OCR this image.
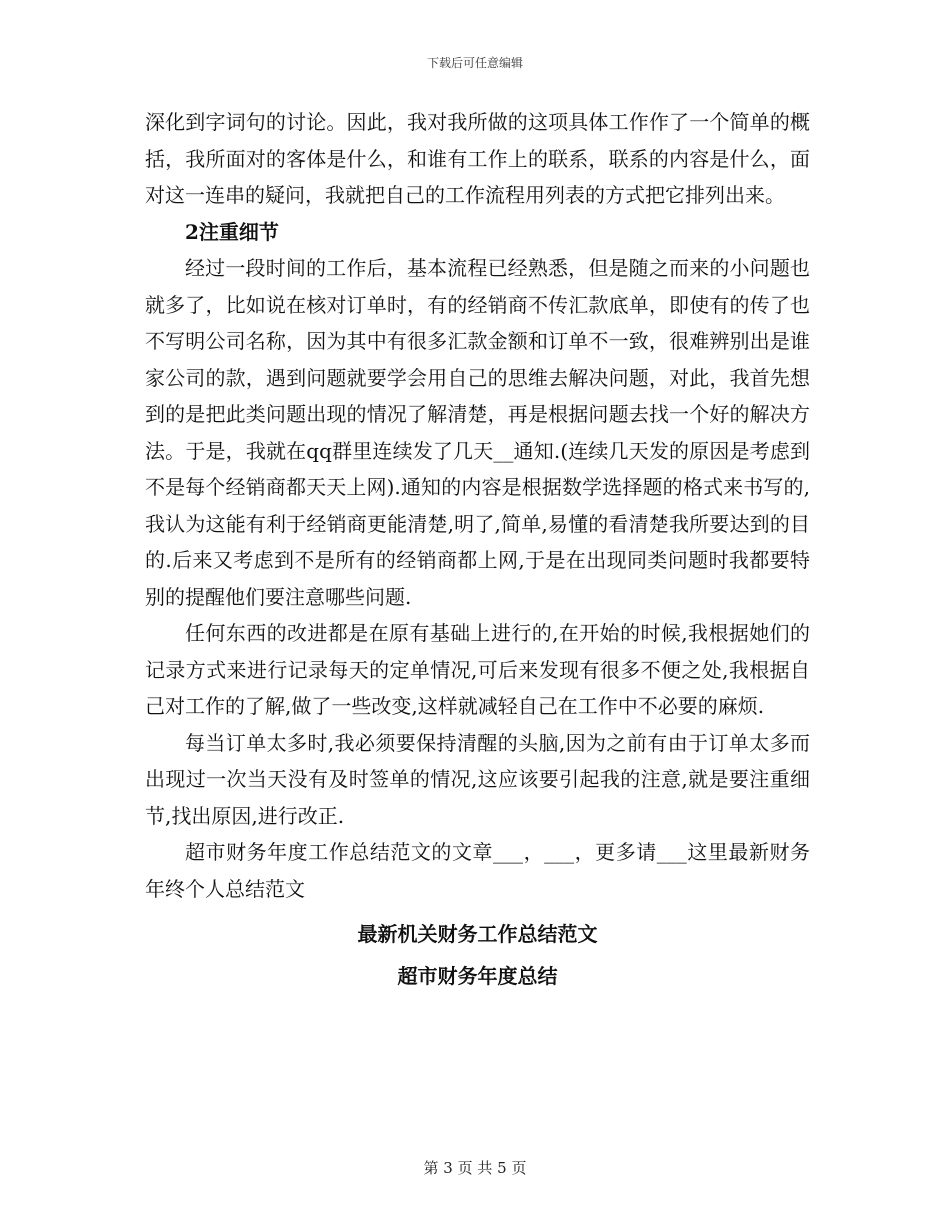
下载后可任意编辑

深化到字词句的讨论。因此，我对我所做的这项具体工作作了一个简单的概括，我所面对的客体是什么，和谁有工作上的联系，联系的内容是什么，面对这一连串的疑问，我就把自己的工作流程用列表的方式把它排列出来。

2注重细节

经过一段时间的工作后，基本流程已经熟悉，但是随之而来的小问题也就多了，比如说在核对订单时，有的经销商不传汇款底单，即使有的传了也不写明公司名称，因为其中有很多汇款金额和订单不一致，很难辨别出是谁家公司的款，遇到问题就要学会用自己的思维去解决问题，对此，我首先想到的是把此类问题出现的情况了解清楚，再是根据问题去找一个好的解决方法。于是，我就在qq群里连续发了几天__通知.(连续几天发的原因是考虑到不是每个经销商都天天上网).通知的内容是根据数学选择题的格式来书写的,我认为这能有利于经销商更能清楚,明了,简单,易懂的看清楚我所要达到的目的.后来又考虑到不是所有的经销商都上网,于是在出现同类问题时我都要特别的提醒他们要注意哪些问题.

任何东西的改进都是在原有基础上进行的,在开始的时候,我根据她们的记录方式来进行记录每天的定单情况,可后来发现有很多不便之处,我根据自己对工作的了解,做了一些改变,这样就减轻自己在工作中不必要的麻烦.

每当订单太多时,我必须要保持清醒的头脑,因为之前有由于订单太多而出现过一次当天没有及时签单的情况,这应该要引起我的注意,就是要注重细节,找出原因,进行改正.

超市财务年度工作总结范文的文章___，___，更多请___这里最新财务年终个人总结范文

最新机关财务工作总结范文

超市财务年度总结

第 3 页 共 5 页
